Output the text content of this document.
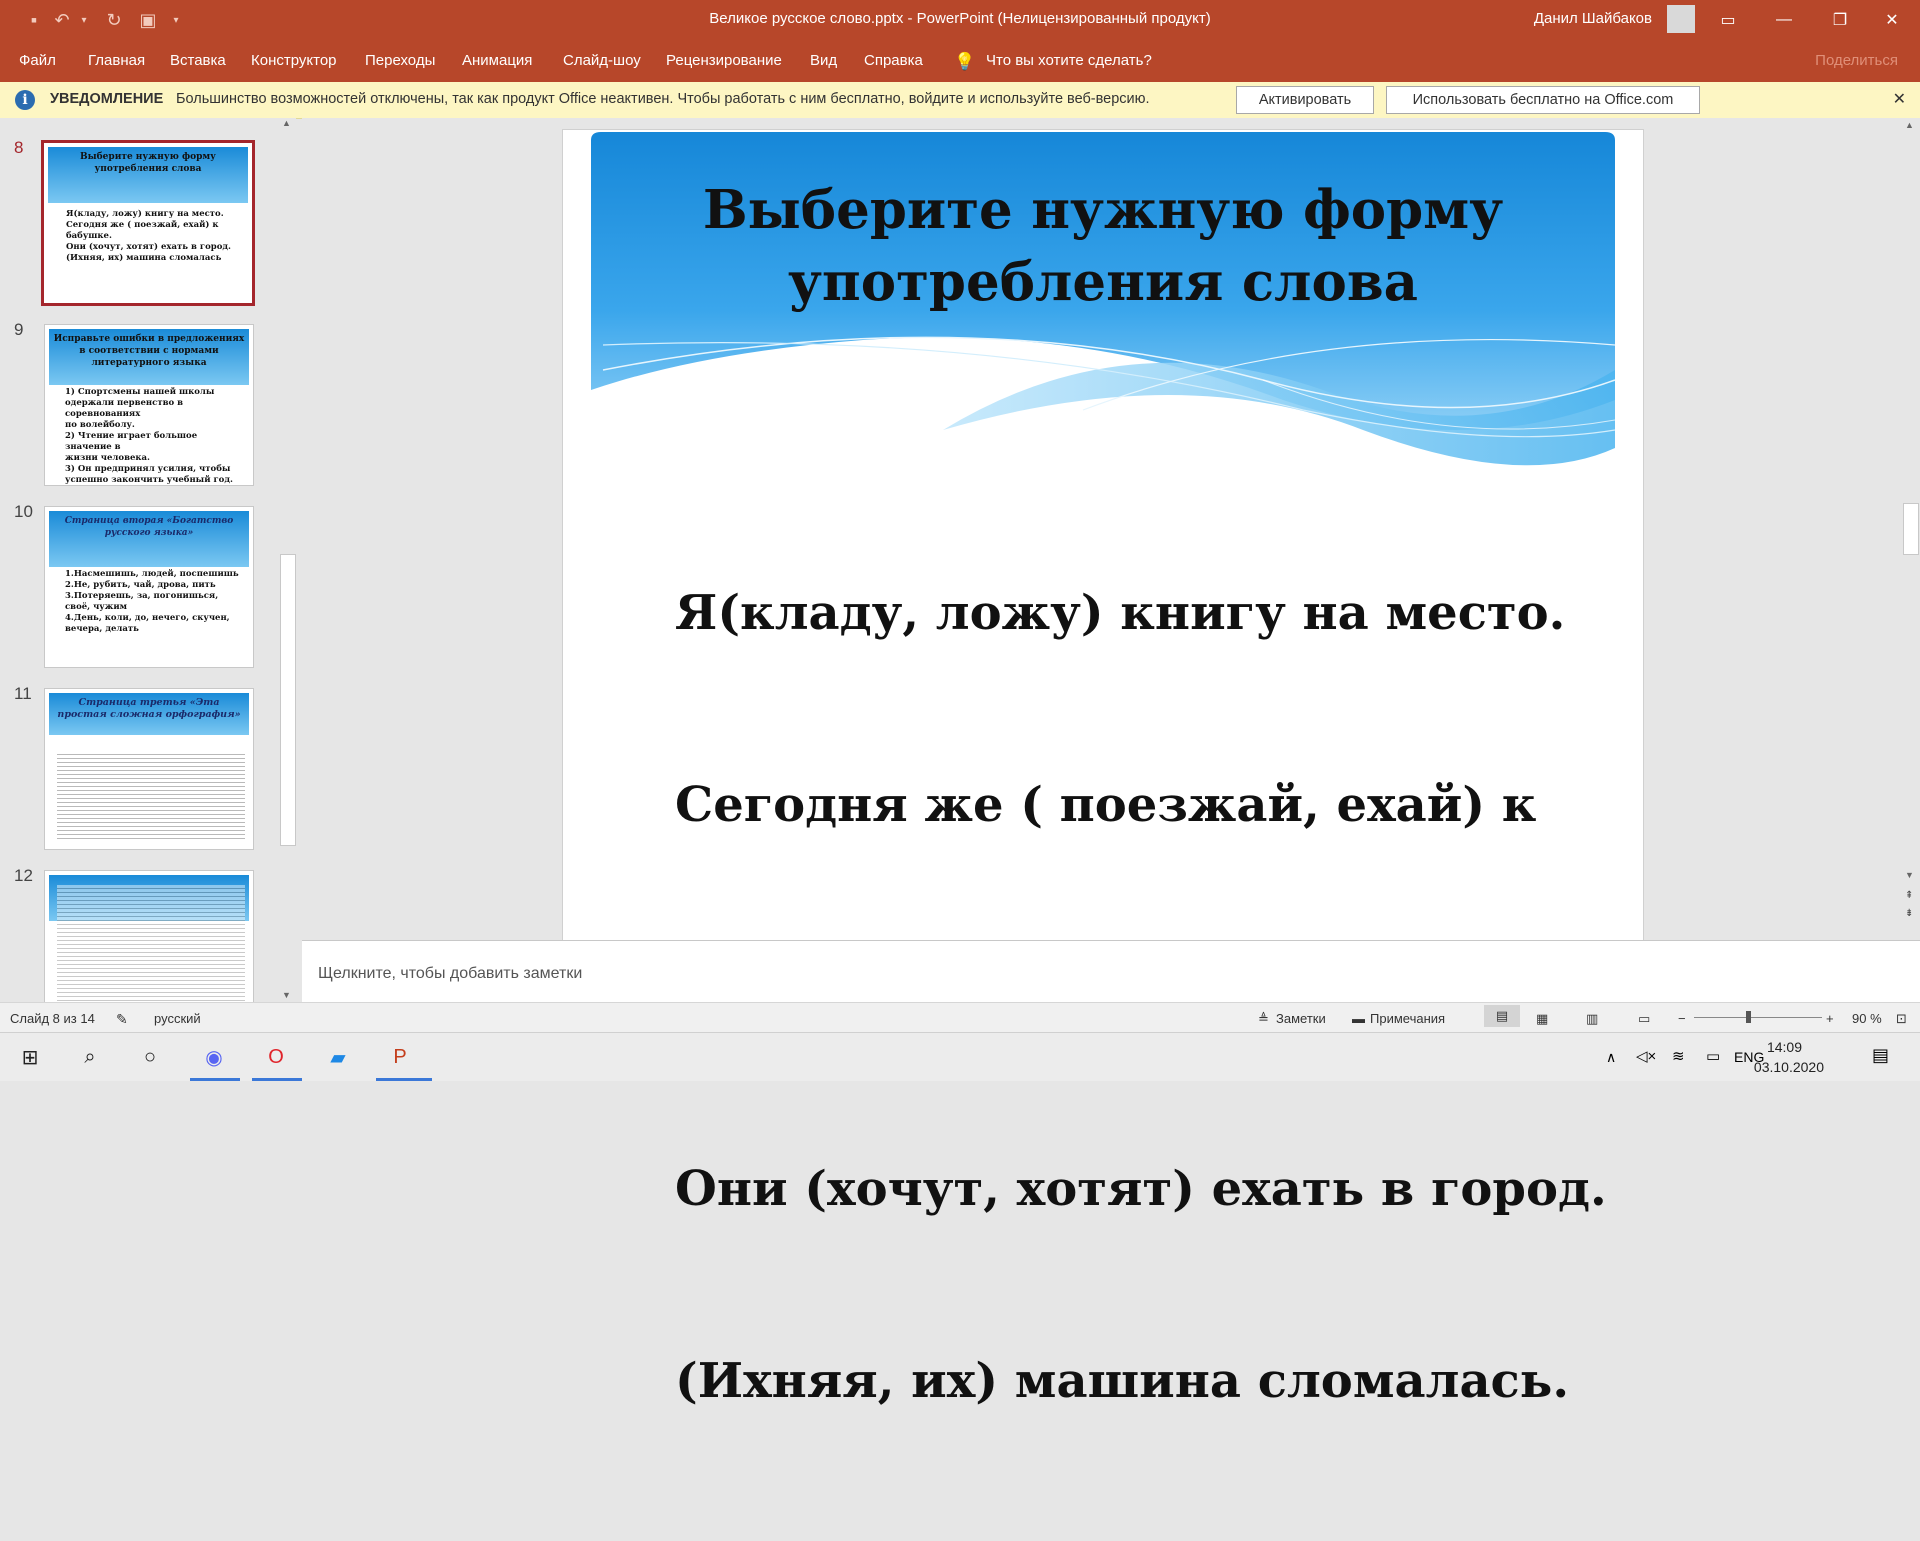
▪ ↶	▾	↻ ▣	▾	Великое русское слово.pptx - PowerPoint (Нелицензированный продукт)	Данил Шайбаков	▭	—	❐	✕
Файл Главная Вставка Конструктор Переходы Анимация Слайд-шоу Рецензирование Вид Справка 💡 Что вы хотите сделать?	Поделиться
i	УВЕДОМЛЕНИЕ Большинство возможностей отключены, так как продукт Office неактивен. Чтобы работать с ним бесплатно, войдите и используйте веб-версию.	Активировать	Использовать бесплатно на Office.com	✕
8	Выберите нужную форму употребления слова
Я(кладу, ложу) книгу на место.
Сегодня же ( поезжай, ехай) к
бабушке.
Они (хочут, хотят) ехать в город.
(Ихняя, их) машина сломалась
9	Исправьте ошибки в предложениях в соответствии с нормами литературного языка
1) Спортсмены нашей школы
одержали первенство в соревнованиях
по волейболу.
2) Чтение играет большое значение в
жизни человека.
3) Он предпринял усилия, чтобы
успешно закончить учебный год.
10	Страница вторая «Богатство русского языка»
1.Насмешишь, людей, поспешишь
2.Не, рубить, чай, дрова, пить
3.Потеряешь, за, погонишься,
своё, чужим
4.День, коли, до, нечего, скучен,
вечера, делать
11	Страница третья «Эта простая сложная орфография»
12
▲
▼
Выберите нужную форму
употребления слова

Я(кладу, ложу) книгу на место.

Сегодня же ( поезжай, ехай) к

Они (хочут, хотят) ехать в город.

(Ихняя, их) машина сломалась.

▲
▼
⇞
⇟
Щелкните, чтобы добавить заметки
Слайд 8 из 14 ✎ русский	≜ Заметки ▬ Примечания	▤	▦	▥	▭ −	+ 90 % ⊡
⊞	⌕	○	◉	O	▰	P	∧ ◁× ≋ ▭ ENG
14:09
03.10.2020
▤
